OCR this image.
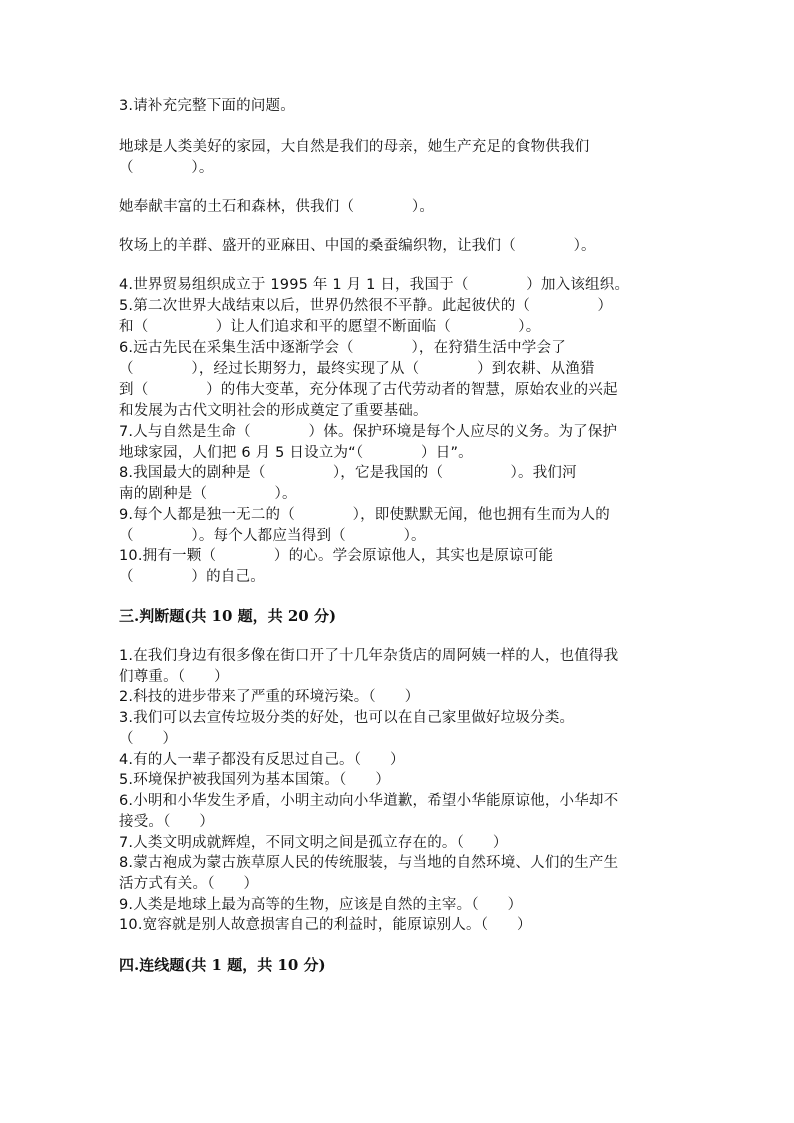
3.请补充完整下面的问题。
地球是人类美好的家园，大自然是我们的母亲，她生产充足的食物供我们
（            ）。
她奉献丰富的土石和森林，供我们（            ）。
牧场上的羊群、盛开的亚麻田、中国的桑蚕编织物，让我们（            ）。
4.世界贸易组织成立于 1995 年 1 月 1 日，我国于（            ）加入该组织。
5.第二次世界大战结束以后，世界仍然很不平静。此起彼伏的（              ）
和（              ）让人们追求和平的愿望不断面临（              ）。
6.远古先民在采集生活中逐渐学会（            ），在狩猎生活中学会了
（            ），经过长期努力，最终实现了从（            ）到农耕、从渔猎
到（            ）的伟大变革，充分体现了古代劳动者的智慧，原始农业的兴起
和发展为古代文明社会的形成奠定了重要基础。
7.人与自然是生命（            ）体。保护环境是每个人应尽的义务。为了保护
地球家园，人们把 6 月 5 日设立为“（            ）日”。
8.我国最大的剧种是（              ），它是我国的（              ）。我们河
南的剧种是（              ）。
9.每个人都是独一无二的（            ），即使默默无闻，他也拥有生而为人的
（            ）。每个人都应当得到（            ）。
10.拥有一颗（            ）的心。学会原谅他人，其实也是原谅可能
（            ）的自己。
三.判断题(共 10 题，共 20 分)
1.在我们身边有很多像在街口开了十几年杂货店的周阿姨一样的人，也值得我
们尊重。（      ）
2.科技的进步带来了严重的环境污染。（      ）
3.我们可以去宣传垃圾分类的好处，也可以在自己家里做好垃圾分类。
（      ）
4.有的人一辈子都没有反思过自己。（      ）
5.环境保护被我国列为基本国策。（      ）
6.小明和小华发生矛盾，小明主动向小华道歉，希望小华能原谅他，小华却不
接受。（      ）
7.人类文明成就辉煌，不同文明之间是孤立存在的。（      ）
8.蒙古袍成为蒙古族草原人民的传统服装，与当地的自然环境、人们的生产生
活方式有关。（      ）
9.人类是地球上最为高等的生物，应该是自然的主宰。（      ）
10.宽容就是别人故意损害自己的利益时，能原谅别人。（      ）
四.连线题(共 1 题，共 10 分)
